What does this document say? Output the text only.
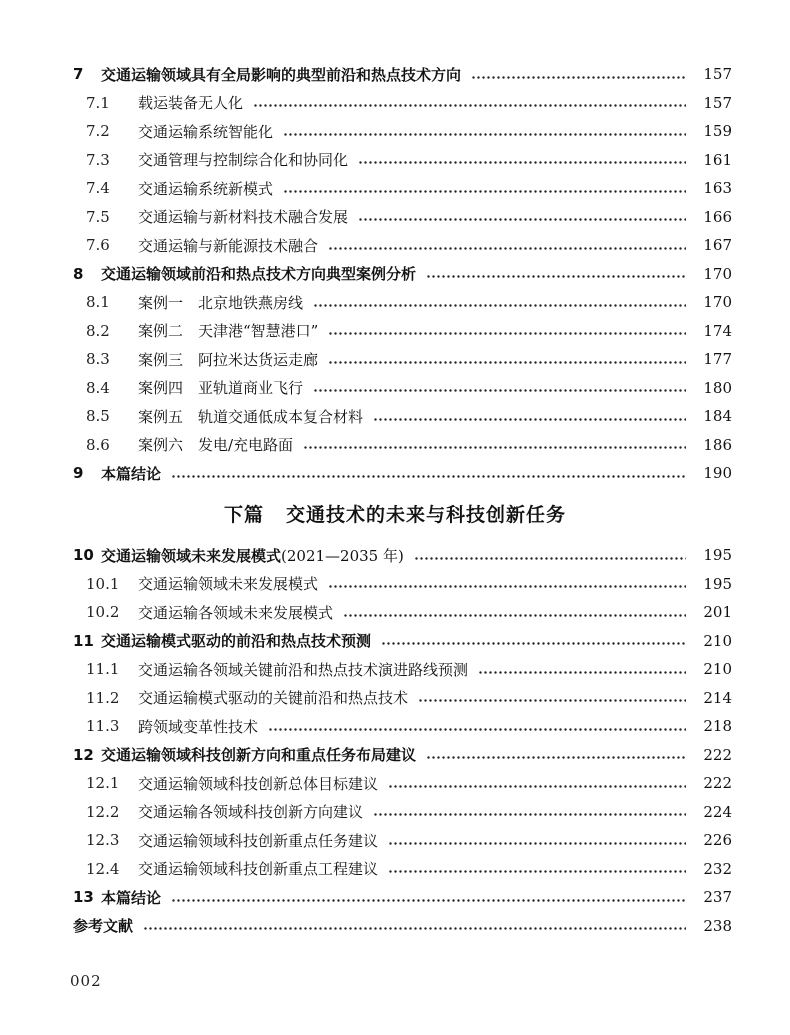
7	交通运输领域具有全局影响的典型前沿和热点技术方向	157
7.1	载运装备无人化	157
7.2	交通运输系统智能化	159
7.3	交通管理与控制综合化和协同化	161
7.4	交通运输系统新模式	163
7.5	交通运输与新材料技术融合发展	166
7.6	交通运输与新能源技术融合	167
8	交通运输领域前沿和热点技术方向典型案例分析	170
8.1	案例一　北京地铁燕房线	170
8.2	案例二　天津港“智慧港口”	174
8.3	案例三　阿拉米达货运走廊	177
8.4	案例四　亚轨道商业飞行	180
8.5	案例五　轨道交通低成本复合材料	184
8.6	案例六　发电/充电路面	186
9	本篇结论	190
下篇 交通技术的未来与科技创新任务
10 交通运输领域未来发展模式(2021—2035 年)	195
10.1	交通运输领域未来发展模式	195
10.2	交通运输各领域未来发展模式	201
11 交通运输模式驱动的前沿和热点技术预测	210
11.1	交通运输各领域关键前沿和热点技术演进路线预测	210
11.2	交通运输模式驱动的关键前沿和热点技术	214
11.3	跨领域变革性技术	218
12 交通运输领域科技创新方向和重点任务布局建议	222
12.1	交通运输领域科技创新总体目标建议	222
12.2	交通运输各领域科技创新方向建议	224
12.3	交通运输领域科技创新重点任务建议	226
12.4	交通运输领域科技创新重点工程建议	232
13 本篇结论	237
参考文献	238
002
